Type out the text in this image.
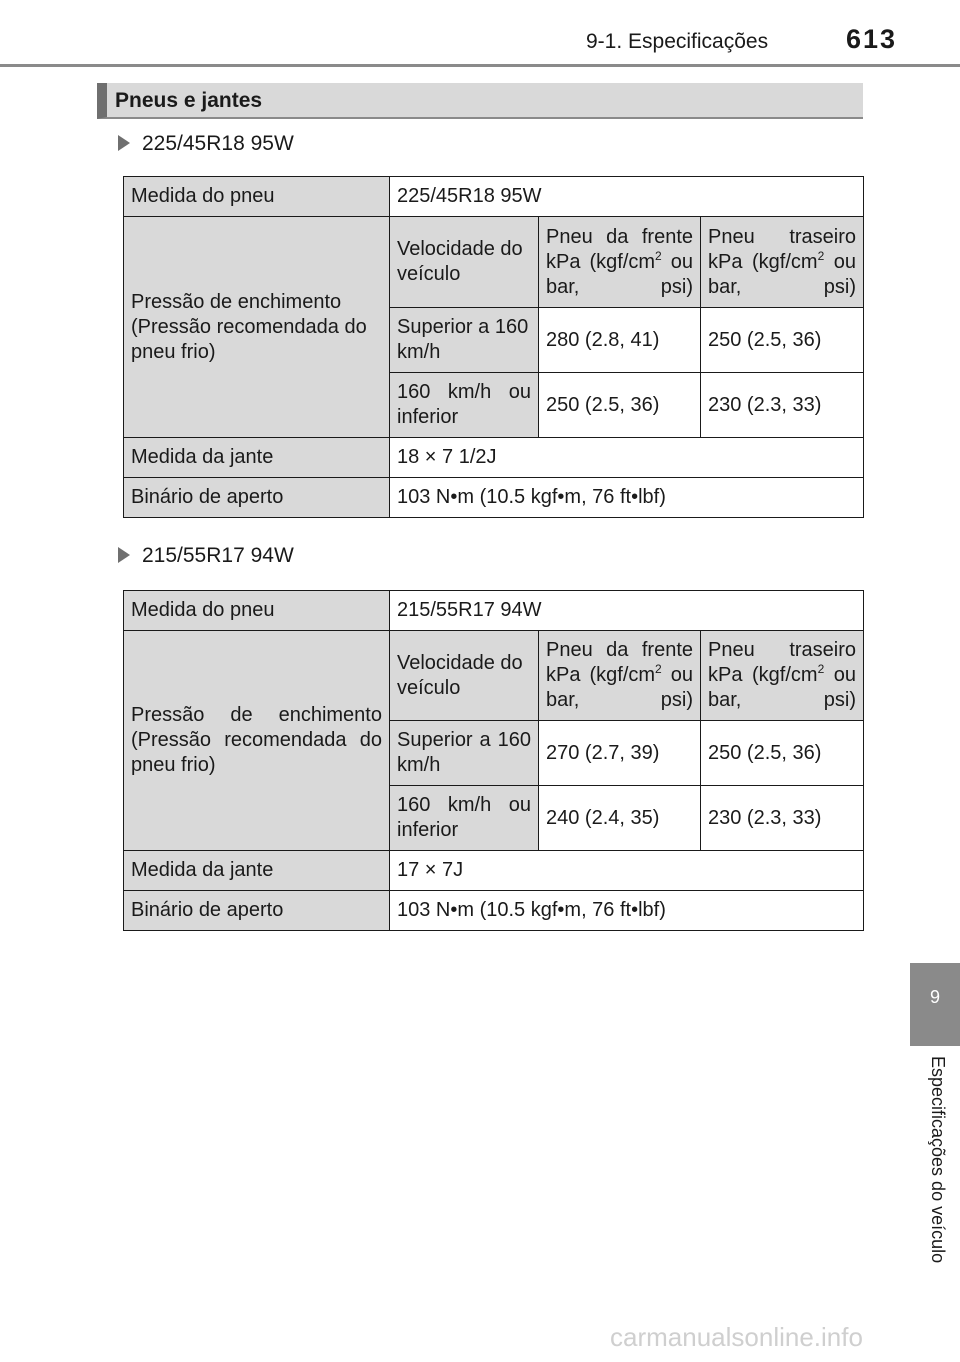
9-1. Especificações	613
Pneus e jantes
225/45R18 95W
Medida do pneu	225/45R18 95W		
Pressão de enchimento (Pressão recomendada do pneu frio)	Velocidade do veículo	Pneu da frente kPa ($kgf/cm^2$ ou bar, psi)	Pneu traseiro kPa ($kgf/cm^2$ ou bar, psi)
	Superior a 160 km/h	280 (2.8, 41)	250 (2.5, 36)
	160 km/h ou inferior	250 (2.5, 36)	230 (2.3, 33)
Medida da jante	18 × 7 1/2J		
Binário de aperto	103 N•m (10.5 kgf•m, 76 ft•lbf)		
215/55R17 94W
Medida do pneu	215/55R17 94W		

Pressão de enchimento (Pressão recomendada do pneu frio)	Velocidade do veículo	Pneu da frente kPa ($kgf/cm^2$ ou bar, psi)	Pneu traseiro kPa ($kgf/cm^2$ ou bar, psi)
	Superior a 160 km/h	270 (2.7, 39)	250 (2.5, 36)
	160 km/h ou inferior	240 (2.4, 35)	230 (2.3, 33)
Medida da jante	17 × 7J		
Binário de aperto	103 N•m (10.5 kgf•m, 76 ft•lbf)		
9
Especificações do veículo
carmanualsonline.info
